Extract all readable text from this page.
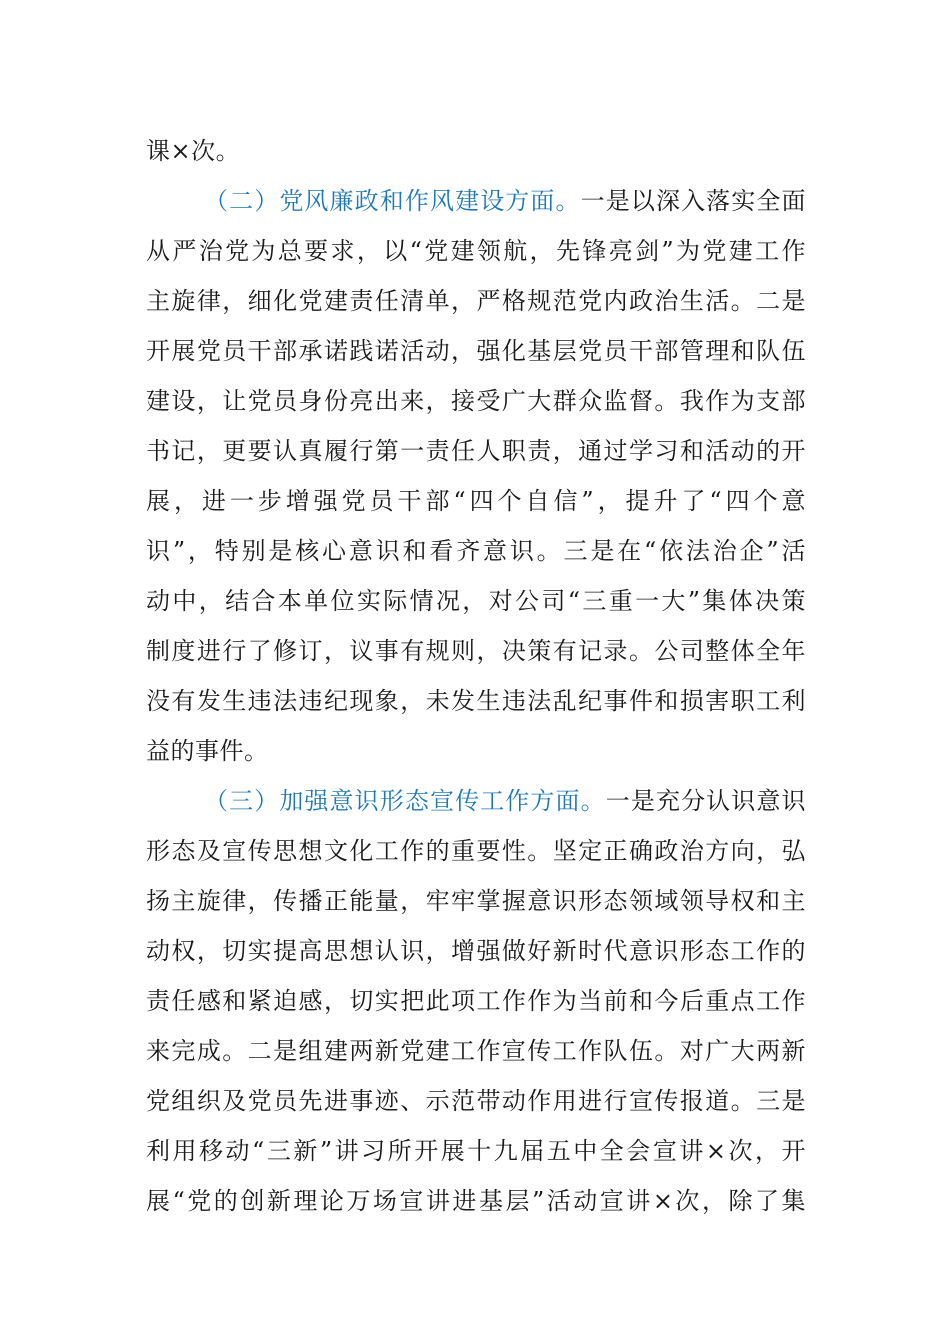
课×次。
（二）党风廉政和作风建设方面。一是以深入落实全面
从严治党为总要求，以“党建领航，先锋亮剑”为党建工作
主旋律，细化党建责任清单，严格规范党内政治生活。二是
开展党员干部承诺践诺活动，强化基层党员干部管理和队伍
建设，让党员身份亮出来，接受广大群众监督。我作为支部
书记，更要认真履行第一责任人职责，通过学习和活动的开
展，进一步增强党员干部“四个自信”，提升了“四个意
识”，特别是核心意识和看齐意识。三是在“依法治企”活
动中，结合本单位实际情况，对公司“三重一大”集体决策
制度进行了修订，议事有规则，决策有记录。公司整体全年
没有发生违法违纪现象，未发生违法乱纪事件和损害职工利
益的事件。
（三）加强意识形态宣传工作方面。一是充分认识意识
形态及宣传思想文化工作的重要性。坚定正确政治方向，弘
扬主旋律，传播正能量，牢牢掌握意识形态领域领导权和主
动权，切实提高思想认识，增强做好新时代意识形态工作的
责任感和紧迫感，切实把此项工作作为当前和今后重点工作
来完成。二是组建两新党建工作宣传工作队伍。对广大两新
党组织及党员先进事迹、示范带动作用进行宣传报道。三是
利用移动“三新”讲习所开展十九届五中全会宣讲×次，开
展“党的创新理论万场宣讲进基层”活动宣讲×次，除了集
